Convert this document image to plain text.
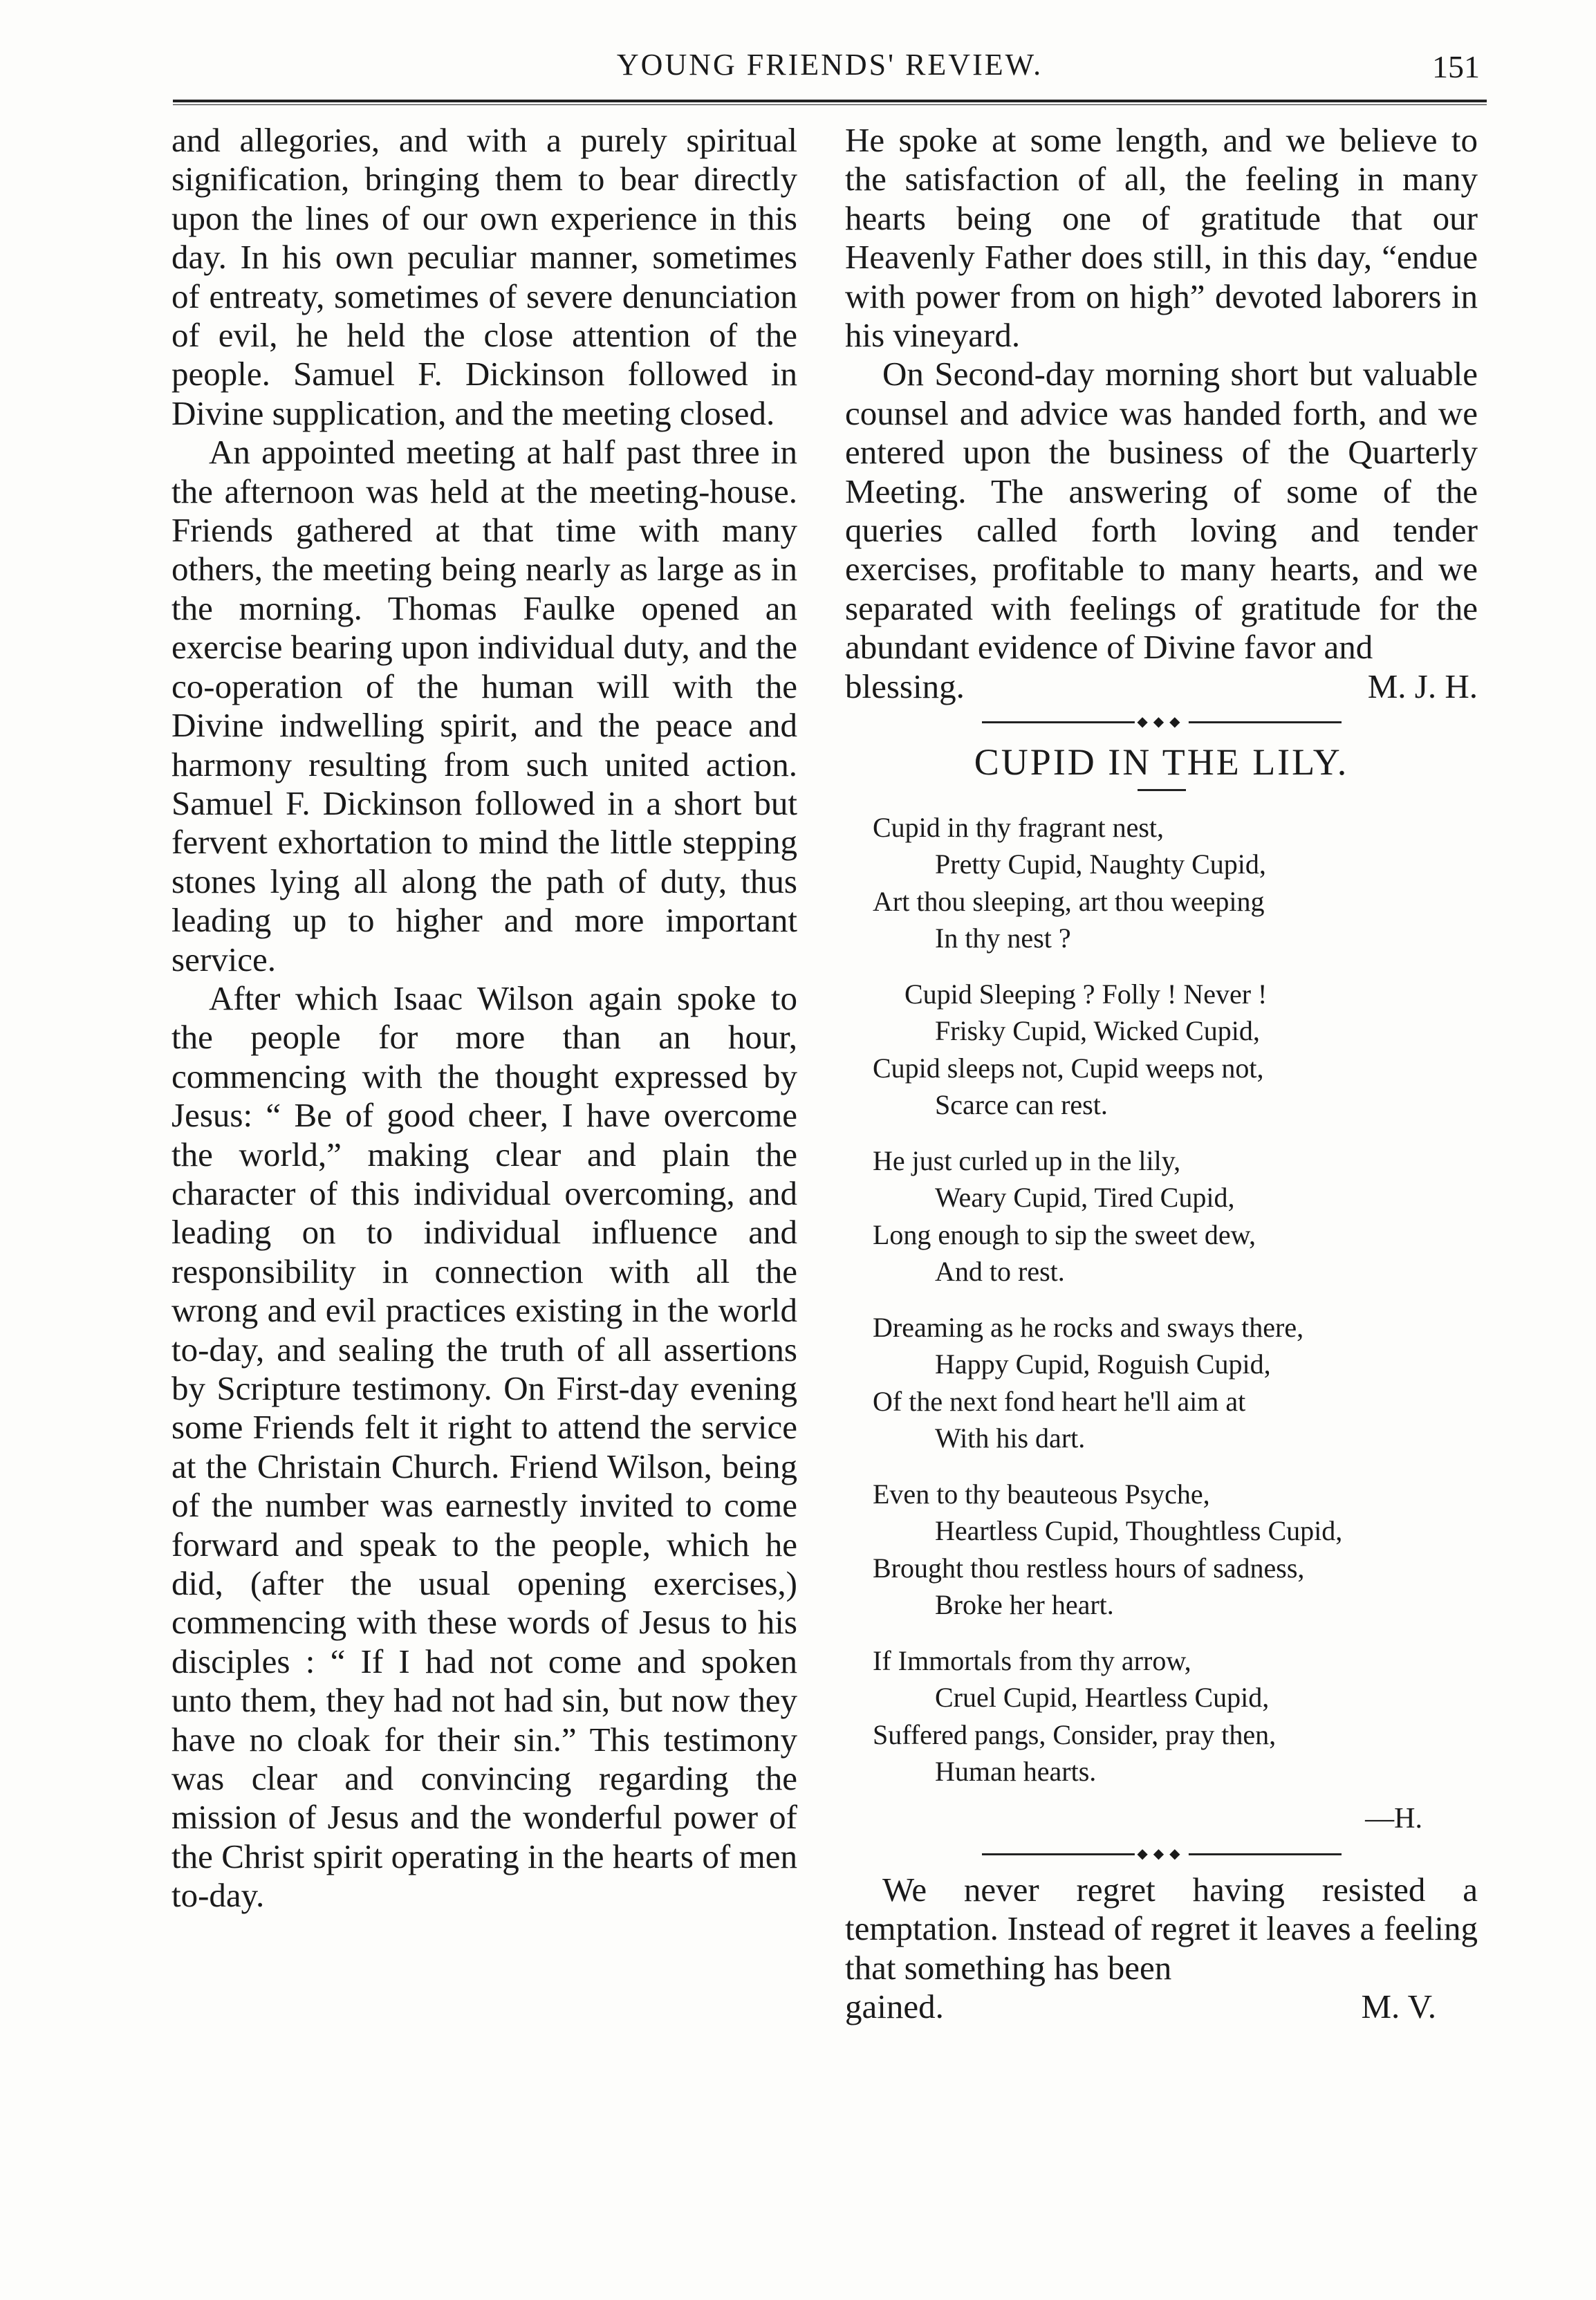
YOUNG FRIENDS' REVIEW.	151

and allegories, and with a purely spiritual signification, bringing them to bear directly upon the lines of our own experience in this day. In his own peculiar manner, sometimes of entreaty, sometimes of severe denunciation of evil, he held the close attention of the people. Samuel F. Dickinson followed in Divine supplication, and the meeting closed.

An appointed meeting at half past three in the afternoon was held at the meeting-house. Friends gathered at that time with many others, the meeting being nearly as large as in the morning. Thomas Faulke opened an exercise bearing upon individual duty, and the co-operation of the human will with the Divine indwelling spirit, and the peace and harmony resulting from such united action. Samuel F. Dickinson followed in a short but fervent exhortation to mind the little stepping stones lying all along the path of duty, thus leading up to higher and more important service.

After which Isaac Wilson again spoke to the people for more than an hour, commencing with the thought expressed by Jesus: “ Be of good cheer, I have overcome the world,” making clear and plain the character of this individual overcoming, and leading on to individual influence and responsibility in connection with all the wrong and evil practices existing in the world to-day, and sealing the truth of all assertions by Scripture testimony. On First-day evening some Friends felt it right to attend the service at the Christain Church. Friend Wilson, being of the number was earnestly invited to come forward and speak to the people, which he did, (after the usual opening exercises,) commencing with these words of Jesus to his disciples : “ If I had not come and spoken unto them, they had not had sin, but now they have no cloak for their sin.” This testimony was clear and convincing regarding the mission of Jesus and the wonderful power of the Christ spirit operating in the hearts of men to-day.

He spoke at some length, and we believe to the satisfaction of all, the feeling in many hearts being one of gratitude that our Heavenly Father does still, in this day, “endue with power from on high” devoted laborers in his vineyard.

On Second-day morning short but valuable counsel and advice was handed forth, and we entered upon the business of the Quarterly Meeting. The answering of some of the queries called forth loving and tender exercises, profitable to many hearts, and we separated with feelings of gratitude for the abundant evidence of Divine favor and

blessing.	M. J. H.
◆◆◆
CUPID IN THE LILY.
Cupid in thy fragrant nest,
Pretty Cupid, Naughty Cupid,
Art thou sleeping, art thou weeping
In thy nest ?
Cupid Sleeping ? Folly ! Never !
Frisky Cupid, Wicked Cupid,
Cupid sleeps not, Cupid weeps not,
Scarce can rest.
He just curled up in the lily,
Weary Cupid, Tired Cupid,
Long enough to sip the sweet dew,
And to rest.
Dreaming as he rocks and sways there,
Happy Cupid, Roguish Cupid,
Of the next fond heart he'll aim at
With his dart.
Even to thy beauteous Psyche,
Heartless Cupid, Thoughtless Cupid,
Brought thou restless hours of sadness,
Broke her heart.
If Immortals from thy arrow,
Cruel Cupid, Heartless Cupid,
Suffered pangs, Consider, pray then,
Human hearts.
—H.
◆◆◆

We never regret having resisted a temptation. Instead of regret it leaves a feeling that something has been

gained.	M. V.
